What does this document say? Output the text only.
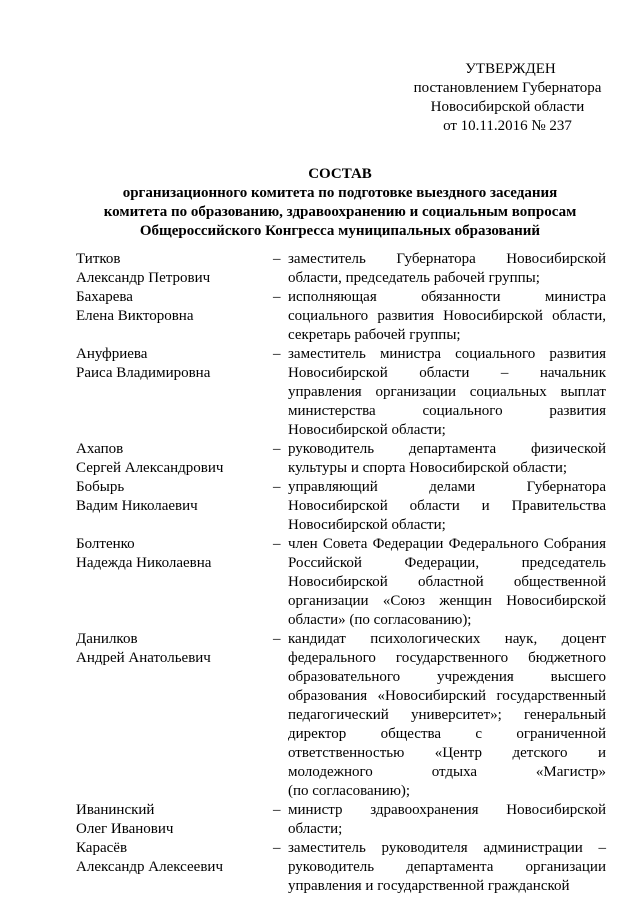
УТВЕРЖДЕН
постановлением Губернатора
Новосибирской области
от 10.11.2016 № 237
СОСТАВ
организационного комитета по подготовке выездного заседания
комитета по образованию, здравоохранению и социальным вопросам
Общероссийского Конгресса муниципальных образований
Титков
Александр Петрович
– заместитель Губернатора Новосибирской
области, председатель рабочей группы;
Бахарева
Елена Викторовна
– исполняющая обязанности министра
социального развития Новосибирской области,
секретарь рабочей группы;
Ануфриева
Раиса Владимировна
– заместитель министра социального развития
Новосибирской области – начальник
управления организации социальных выплат
министерства социального развития
Новосибирской области;
Ахапов
Сергей Александрович
– руководитель департамента физической
культуры и спорта Новосибирской области;
Бобырь
Вадим Николаевич
– управляющий делами Губернатора
Новосибирской области и Правительства
Новосибирской области;
Болтенко
Надежда Николаевна
– член Совета Федерации Федерального Собрания
Российской Федерации, председатель
Новосибирской областной общественной
организации «Союз женщин Новосибирской
области» (по согласованию);
Данилков
Андрей Анатольевич
– кандидат психологических наук, доцент
федерального государственного бюджетного
образовательного учреждения высшего
образования «Новосибирский государственный
педагогический университет»; генеральный
директор общества с ограниченной
ответственностью «Центр детского и
молодежного отдыха «Магистр»
(по согласованию);
Иванинский
Олег Иванович
– министр здравоохранения Новосибирской
области;
Карасёв
Александр Алексеевич
– заместитель руководителя администрации –
руководитель департамента организации
управления и государственной гражданской
